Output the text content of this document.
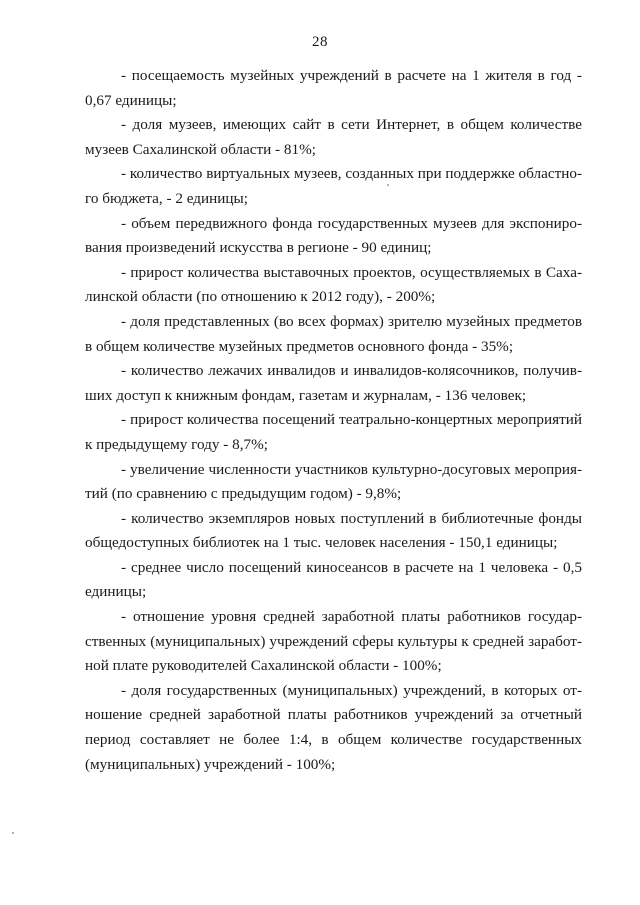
28

- посещаемость музейных учреждений в расчете на 1 жителя в год - 0,67 единицы;

- доля музеев, имеющих сайт в сети Интернет, в общем количестве музеев Сахалинской области - 81%;

- количество виртуальных музеев, созданных при поддержке областного бюджета, - 2 единицы;

- объем передвижного фонда государственных музеев для экспонирования произведений искусства в регионе - 90 единиц;

- прирост количества выставочных проектов, осуществляемых в Сахалинской области (по отношению к 2012 году), - 200%;

- доля представленных (во всех формах) зрителю музейных предметов в общем количестве музейных предметов основного фонда - 35%;

- количество лежачих инвалидов и инвалидов-колясочников, получивших доступ к книжным фондам, газетам и журналам, - 136 человек;

- прирост количества посещений театрально-концертных мероприятий к предыдущему году - 8,7%;

- увеличение численности участников культурно-досуговых мероприятий (по сравнению с предыдущим годом) - 9,8%;

- количество экземпляров новых поступлений в библиотечные фонды общедоступных библиотек на 1 тыс. человек населения - 150,1 единицы;

- среднее число посещений киносеансов в расчете на 1 человека - 0,5 единицы;

- отношение уровня средней заработной платы работников государственных (муниципальных) учреждений сферы культуры к средней заработной плате руководителей Сахалинской области - 100%;

- доля государственных (муниципальных) учреждений, в которых отношение средней заработной платы работников учреждений за отчетный период составляет не более 1:4, в общем количестве государственных (муниципальных) учреждений - 100%;
